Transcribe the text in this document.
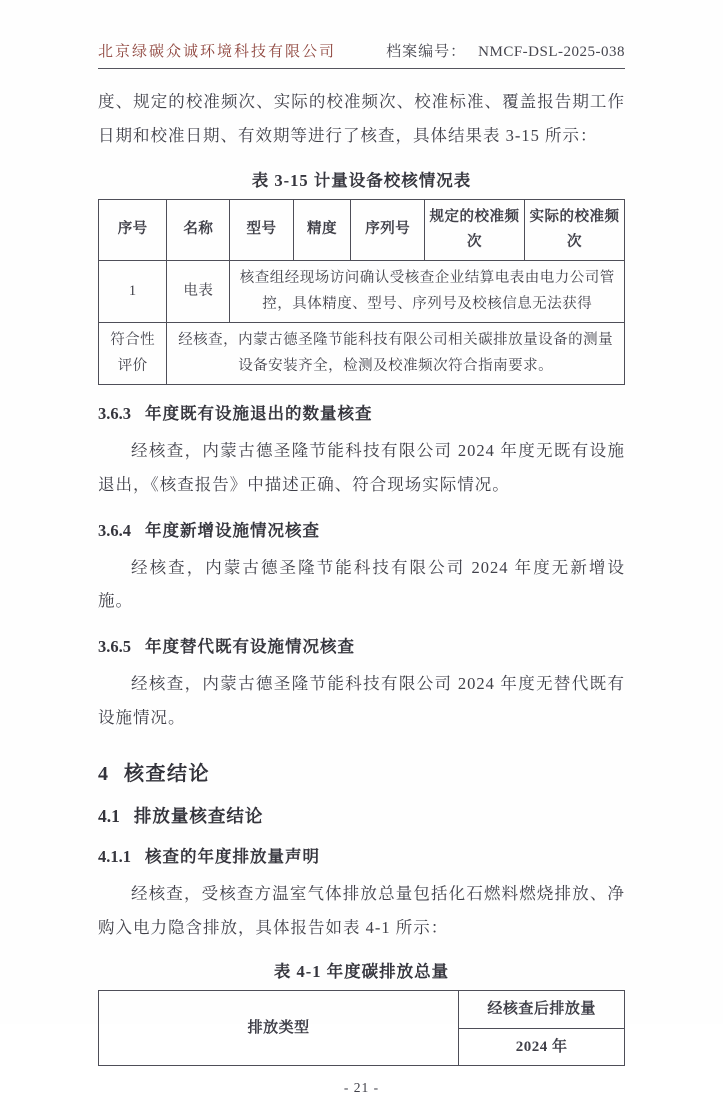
北京绿碳众诚环境科技有限公司	档案编号： NMCF-DSL-2025-038

度、规定的校准频次、实际的校准频次、校准标准、覆盖报告期工作日期和校准日期、有效期等进行了核查，具体结果表 3-15 所示：

表 3-15 计量设备校核情况表
序号	名称	型号	精度	序列号	规定的校准频次	实际的校准频次
1	电表	核查组经现场访问确认受核查企业结算电表由电力公司管控，具体精度、型号、序列号及校核信息无法获得				

符合性
评价	经核查，内蒙古德圣隆节能科技有限公司相关碳排放量设备的测量设备安装齐全，检测及校准频次符合指南要求。					
3.6.3 年度既有设施退出的数量核查

经核查，内蒙古德圣隆节能科技有限公司 2024 年度无既有设施退出，《核查报告》中描述正确、符合现场实际情况。

3.6.4 年度新增设施情况核查

经核查，内蒙古德圣隆节能科技有限公司 2024 年度无新增设施。

3.6.5 年度替代既有设施情况核查

经核查，内蒙古德圣隆节能科技有限公司 2024 年度无替代既有设施情况。

4 核查结论
4.1 排放量核查结论
4.1.1 核查的年度排放量声明

经核查，受核查方温室气体排放总量包括化石燃料燃烧排放、净购入电力隐含排放，具体报告如表 4-1 所示：

表 4-1 年度碳排放总量
排放类型	经核查后排放量
2024 年
- 21 -
